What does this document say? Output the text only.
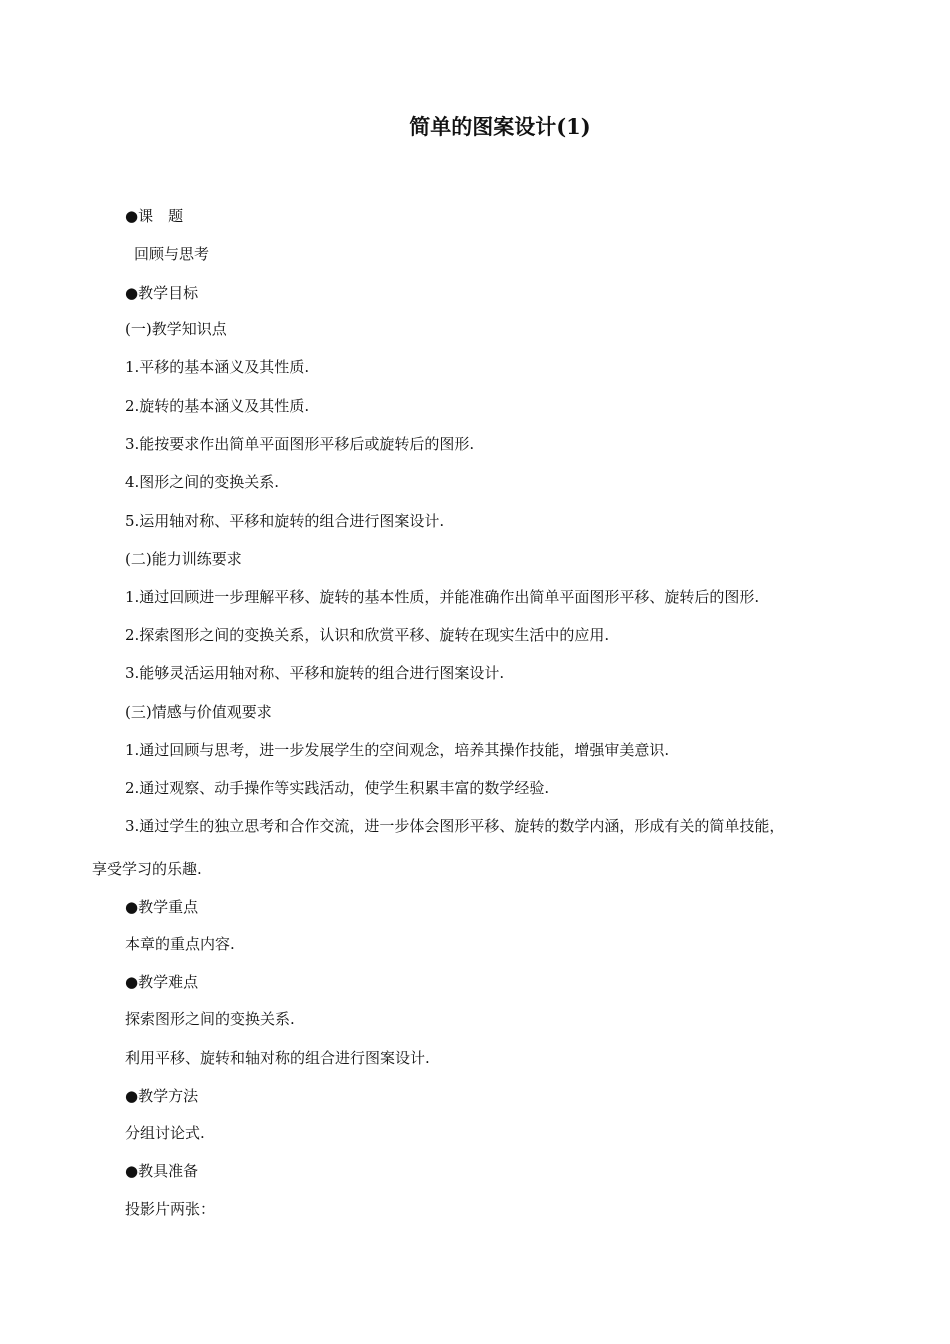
简单的图案设计(1)
●课　题
回顾与思考
●教学目标
(一)教学知识点
1.平移的基本涵义及其性质.
2.旋转的基本涵义及其性质.
3.能按要求作出简单平面图形平移后或旋转后的图形.
4.图形之间的变换关系.
5.运用轴对称、平移和旋转的组合进行图案设计.
(二)能力训练要求
1.通过回顾进一步理解平移、旋转的基本性质，并能准确作出简单平面图形平移、旋转后的图形.
2.探索图形之间的变换关系，认识和欣赏平移、旋转在现实生活中的应用.
3.能够灵活运用轴对称、平移和旋转的组合进行图案设计.
(三)情感与价值观要求
1.通过回顾与思考，进一步发展学生的空间观念，培养其操作技能，增强审美意识.
2.通过观察、动手操作等实践活动，使学生积累丰富的数学经验.
3.通过学生的独立思考和合作交流，进一步体会图形平移、旋转的数学内涵，形成有关的简单技能，
享受学习的乐趣.
●教学重点
本章的重点内容.
●教学难点
探索图形之间的变换关系.
利用平移、旋转和轴对称的组合进行图案设计.
●教学方法
分组讨论式.
●教具准备
投影片两张：
